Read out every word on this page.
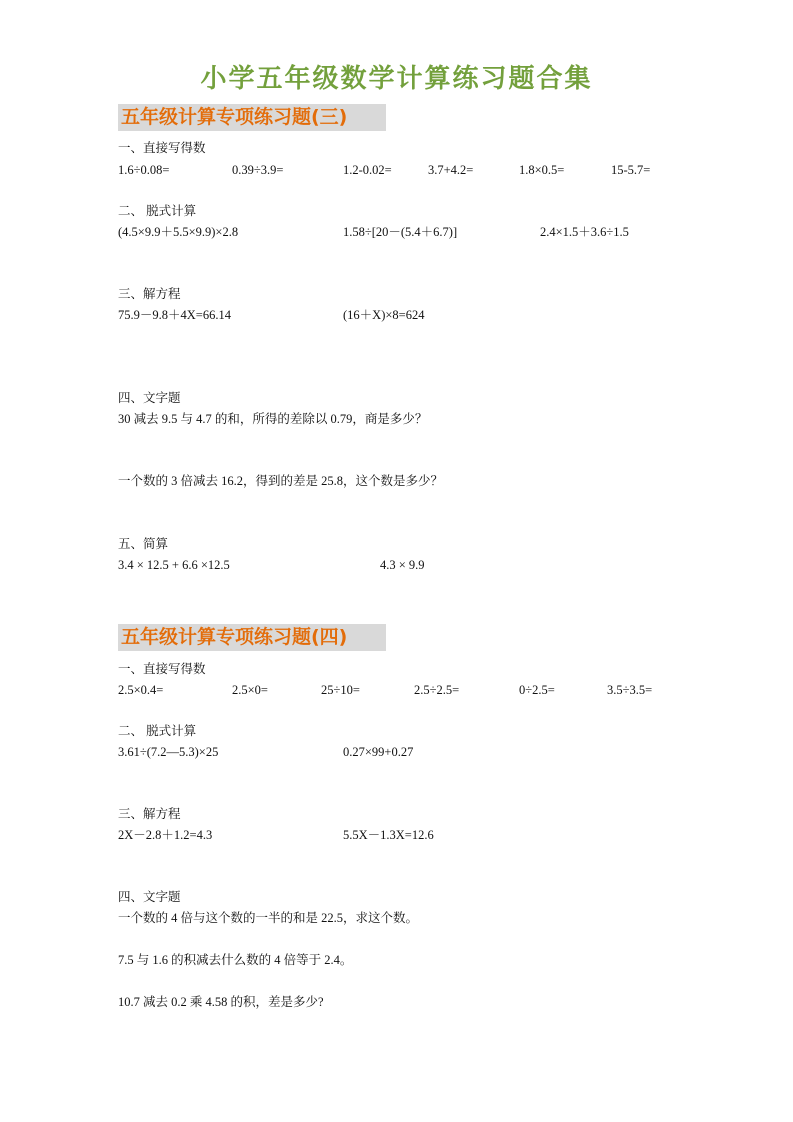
小学五年级数学计算练习题合集
五年级计算专项练习题(三)
一、直接写得数
1.6÷0.08=	0.39÷3.9=	1.2-0.02=	3.7+4.2=	1.8×0.5=	15-5.7=
二、 脱式计算
(4.5×9.9＋5.5×9.9)×2.8	1.58÷[20－(5.4＋6.7)]	2.4×1.5＋3.6÷1.5
三、解方程
75.9－9.8＋4X=66.14	(16＋X)×8=624
四、文字题
30 减去 9.5 与 4.7 的和，所得的差除以 0.79，商是多少？
一个数的 3 倍减去 16.2，得到的差是 25.8，这个数是多少？
五、简算
3.4 × 12.5 + 6.6 ×12.5	4.3 × 9.9
五年级计算专项练习题(四)
一、直接写得数
2.5×0.4=	2.5×0=	25÷10=	2.5÷2.5=	0÷2.5=	3.5÷3.5=
二、 脱式计算
3.61÷(7.2—5.3)×25	0.27×99+0.27
三、解方程
2X－2.8＋1.2=4.3	5.5X－1.3X=12.6
四、文字题
一个数的 4 倍与这个数的一半的和是 22.5，求这个数。
7.5 与 1.6 的积减去什么数的 4 倍等于 2.4。
10.7 减去 0.2 乘 4.58 的积，差是多少?
